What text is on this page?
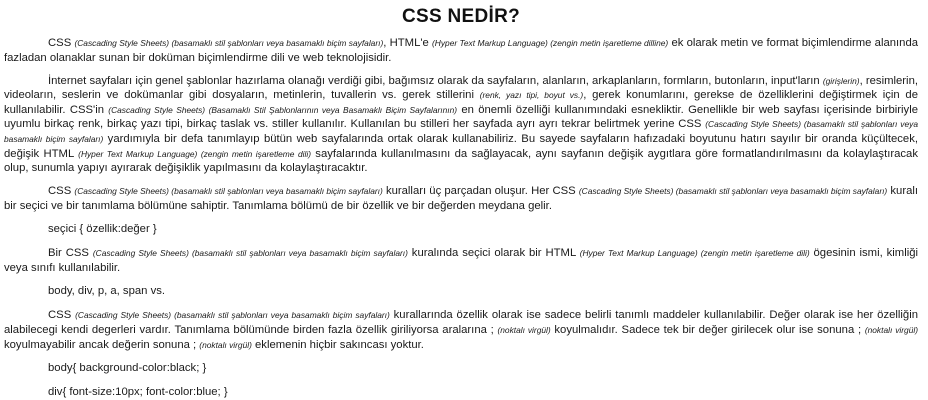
CSS NEDİR?

CSS (Cascading Style Sheets) (basamaklı stil şablonları veya basamaklı biçim sayfaları), HTML'e (Hyper Text Markup Language) (zengin metin işaretleme dilline) ek olarak metin ve format biçimlendirme alanında fazladan olanaklar sunan bir doküman biçimlendirme dili ve web teknolojisidir.

İnternet sayfaları için genel şablonlar hazırlama olanağı verdiği gibi, bağımsız olarak da sayfaların, alanların, arkaplanların, formların, butonların, input'ların (girişlerin), resimlerin, videoların, seslerin ve dokümanlar gibi dosyaların, metinlerin, tuvallerin vs. gerek stillerini (renk, yazı tipi, boyut vs.), gerek konumlarını, gerekse de özelliklerini değiştirmek için de kullanılabilir. CSS'in (Cascading Style Sheets) (Basamaklı Stil Şablonlarının veya Basamaklı Biçim Sayfalarının) en önemli özelliği kullanımındaki esnekliktir. Genellikle bir web sayfası içerisinde birbiriyle uyumlu birkaç renk, birkaç yazı tipi, birkaç taslak vs. stiller kullanılır. Kullanılan bu stilleri her sayfada ayrı ayrı tekrar belirtmek yerine CSS (Cascading Style Sheets) (basamaklı stil şablonları veya basamaklı biçim sayfaları) yardımıyla bir defa tanımlayıp bütün web sayfalarında ortak olarak kullanabiliriz. Bu sayede sayfaların hafızadaki boyutunu hatırı sayılır bir oranda küçültecek, değişik HTML (Hyper Text Markup Language) (zengin metin işaretleme dili) sayfalarında kullanılmasını da sağlayacak, aynı sayfanın değişik aygıtlara göre formatlandırılmasını da kolaylaştıracak olup, sunumla yapıyı ayırarak değişiklik yapılmasını da kolaylaştıracaktır.

CSS (Cascading Style Sheets) (basamaklı stil şablonları veya basamaklı biçim sayfaları) kuralları üç parçadan oluşur. Her CSS (Cascading Style Sheets) (basamaklı stil şablonları veya basamaklı biçim sayfaları) kuralı bir seçici ve bir tanımlama bölümüne sahiptir. Tanımlama bölümü de bir özellik ve bir değerden meydana gelir.

seçici { özellik:değer }

Bir CSS (Cascading Style Sheets) (basamaklı stil şablonları veya basamaklı biçim sayfaları) kuralında seçici olarak bir HTML (Hyper Text Markup Language) (zengin metin işaretleme dili) ögesinin ismi, kimliği veya sınıfı kullanılabilir.

body, div, p, a, span vs.

CSS (Cascading Style Sheets) (basamaklı stil şablonları veya basamaklı biçim sayfaları) kurallarında özellik olarak ise sadece belirli tanımlı maddeler kullanılabilir. Değer olarak ise her özelliğin alabilecegi kendi degerleri vardır. Tanımlama bölümünde birden fazla özellik giriliyorsa aralarına ; (noktalı virgül) koyulmalıdır. Sadece tek bir değer girilecek olur ise sonuna ; (noktalı virgül) koyulmayabilir ancak değerin sonuna ; (noktalı virgül) eklemenin hiçbir sakıncası yoktur.

body{ background-color:black; }
div{ font-size:10px; font-color:blue; }
